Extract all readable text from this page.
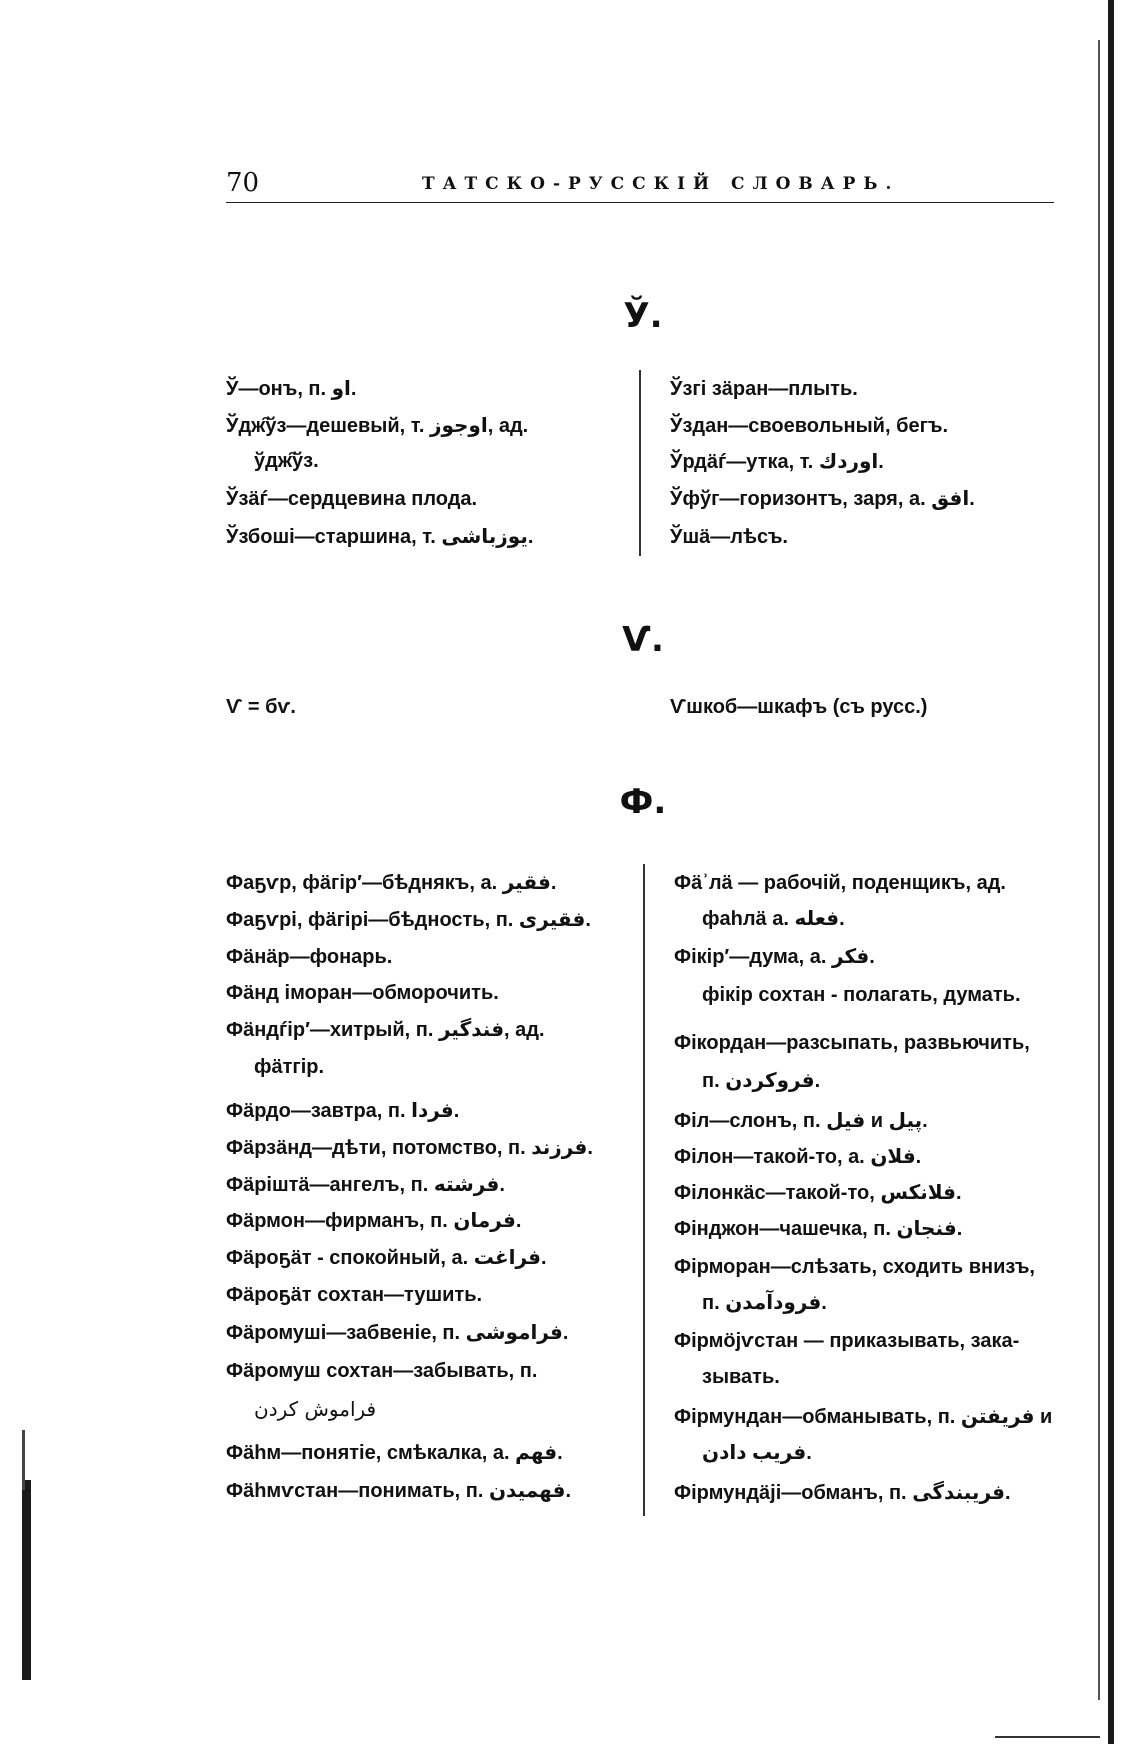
70	ТАТСКО-РУССКІЙ СЛОВАРЬ.
Ў.
Ў—онъ, п. او.
Ўдж̑ўз—дешевый, т. اوجوز, ад.
ўдж̑ўз.
Ўзäѓ—сердцевина плода.
Ўзбоші—старшина, т. يوزباشى.
Ўзгі зäран—плыть.
Ўздан—своевольный, бегъ.
Ўрдäѓ—утка, т. اوردك.
Ўфўг—горизонтъ, заря, а. افق.
Ўшä—лѣсъ.
Ѵ.
Ѵ = бѵ.	Ѵшкоб—шкафъ (съ русс.)
Ф.
Фаҕѵр, фäгір′—бѣднякъ, а. فقير.
Фаҕѵрі, фäгірі—бѣдность, п. فقيرى.
Фäнäр—фонарь.
Фäнд іморан—обморочить.
Фäндѓір′—хитрый, п. فندگير, ад.
фäтгір.
Фäрдо—завтра, п. فردا.
Фäрзäнд—дѣти, потомство, п. فرزند.
Фäріштä—ангелъ, п. فرشته.
Фäрмон—фирманъ, п. فرمان.
Фäроҕäт - спокойный, а. فراغت.
Фäроҕäт сохтан—тушить.
Фäромуші—забвеніе, п. فراموشى.
Фäромуш сохтан—забывать, п.
فراموش كردن
Фäһм—понятіе, смѣкалка, а. فهم.
Фäһмѵстан—понимать, п. فهميدن.
Фäʾлä — рабочій, поденщикъ, ад.
фаһлä а. فعله.
Фікір′—дума, а. فكر.
фікір сохтан - полагать, думать.
Фікордан—разсыпать, развьючить,
п. فروكردن.
Філ—слонъ, п. فيل и پيل.
Філон—такой-то, а. فلان.
Філонкäс—такой-то, فلانكس.
Фінджон—чашечка, п. فنجان.
Фірморан—слѣзать, сходить внизъ,
п. فرودآمدن.
Фірмöјѵстан — приказывать, зака-
зывать.
Фірмундан—обманывать, п. فريفتن и
فريب دادن.
Фірмундäjі—обманъ, п. فريبندگى.
